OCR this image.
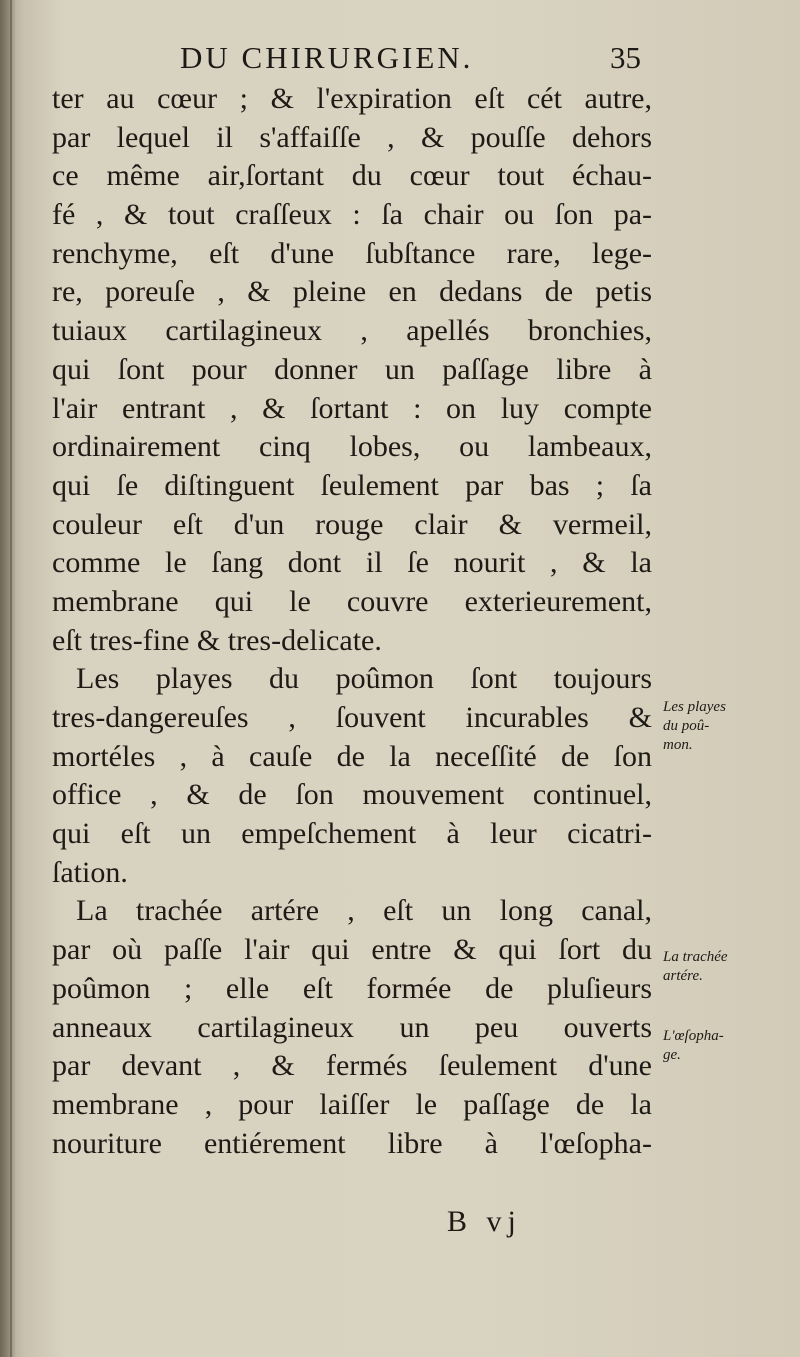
DU CHIRURGIEN.	35
ter au cœur ; & l'expiration eſt cét autre,
par lequel il s'affaiſſe , & pouſſe dehors
ce même air,ſortant du cœur tout échau-
fé , & tout craſſeux : ſa chair ou ſon pa-
renchyme, eſt d'une ſubſtance rare, lege-
re, poreuſe , & pleine en dedans de petis
tuiaux cartilagineux , apellés bronchies,
qui ſont pour donner un paſſage libre à
l'air entrant , & ſortant : on luy compte
ordinairement cinq lobes, ou lambeaux,
qui ſe diſtinguent ſeulement par bas ; ſa
couleur eſt d'un rouge clair & vermeil,
comme le ſang dont il ſe nourit , & la
membrane qui le couvre exterieurement,
eſt tres-fine & tres-delicate.
Les playes du poûmon ſont toujours
tres-dangereuſes , ſouvent incurables &
mortéles , à cauſe de la neceſſité de ſon
office , & de ſon mouvement continuel,
qui eſt un empeſchement à leur cicatri-
ſation.
La trachée artére , eſt un long canal,
par où paſſe l'air qui entre & qui ſort du
poûmon ; elle eſt formée de pluſieurs
anneaux cartilagineux un peu ouverts
par devant , & fermés ſeulement d'une
membrane , pour laiſſer le paſſage de la
nouriture entiérement libre à l'œſopha-
Les playes
du poû-
mon.
La trachée
artére.
L'œſopha-
ge.
B vj
